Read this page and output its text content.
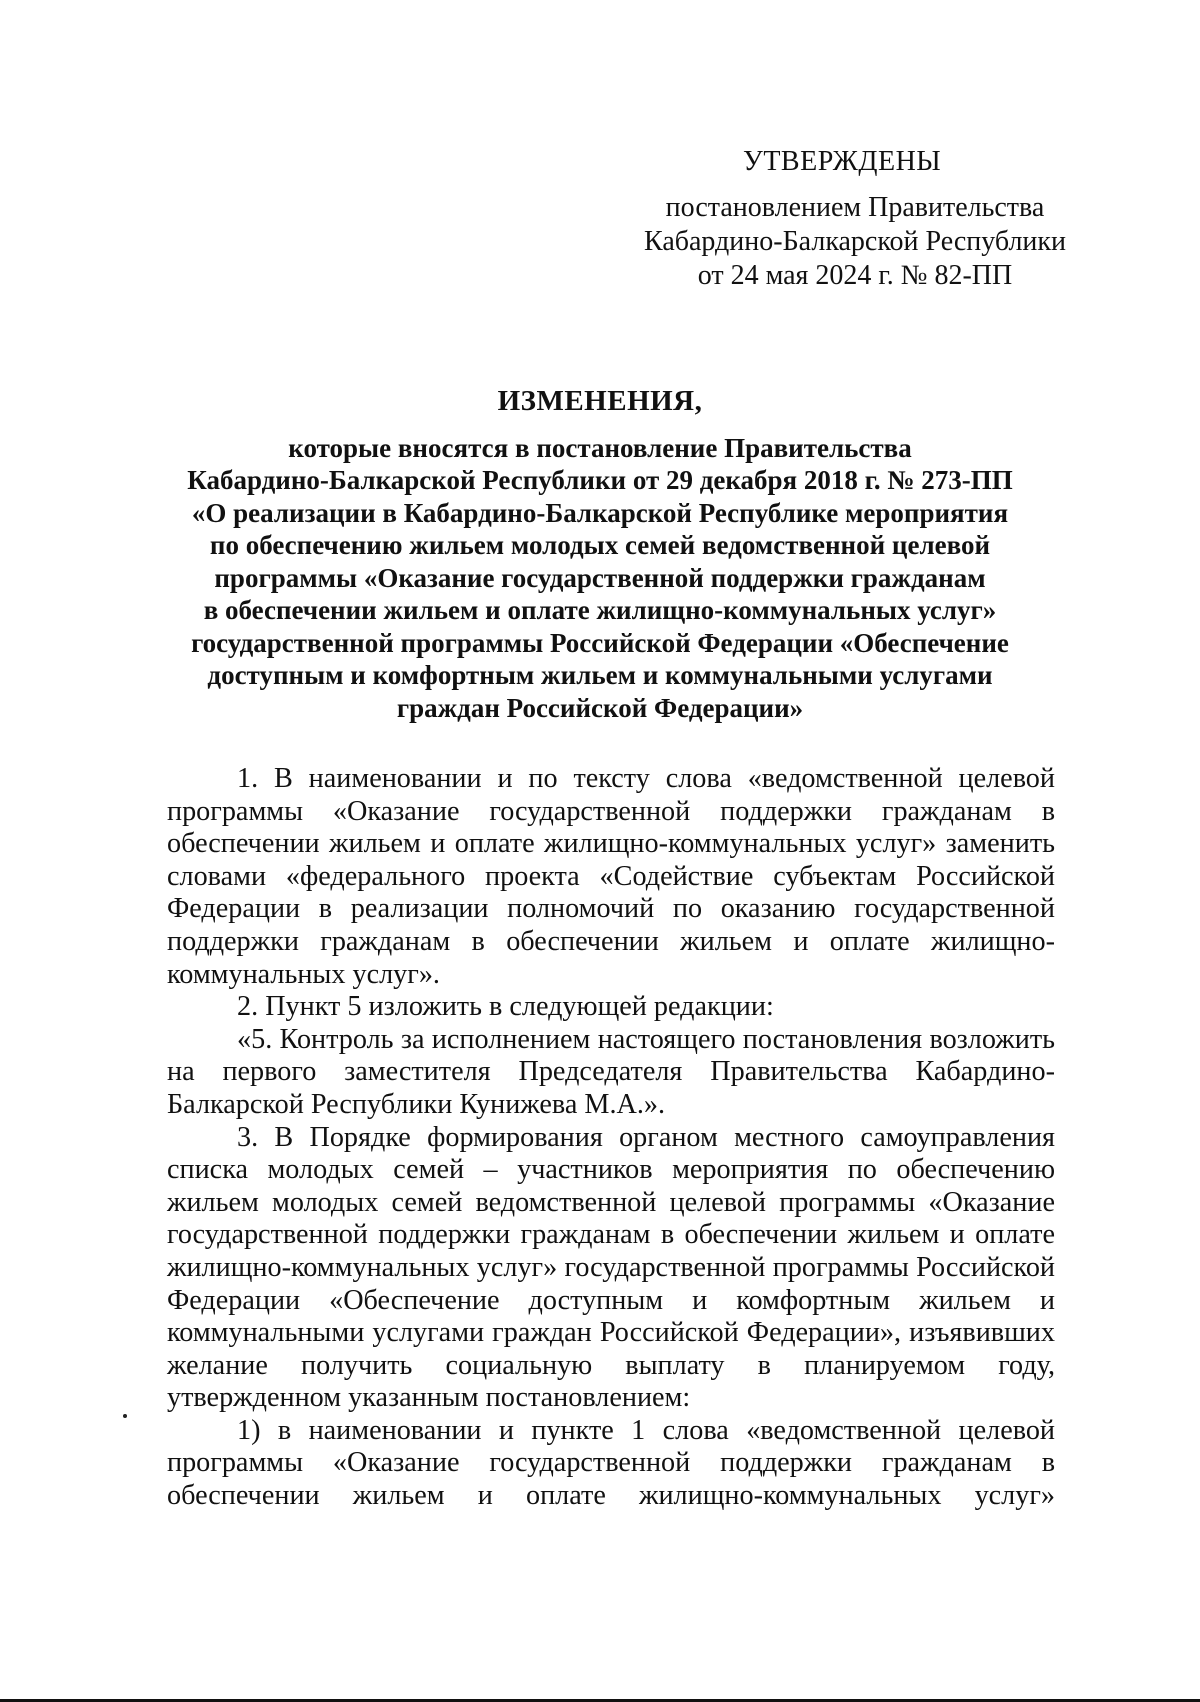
УТВЕРЖДЕНЫ
постановлением Правительства
Кабардино-Балкарской Республики
от 24 мая 2024 г. № 82-ПП
ИЗМЕНЕНИЯ,
которые вносятся в постановление Правительства
Кабардино-Балкарской Республики от 29 декабря 2018 г. № 273-ПП
«О реализации в Кабардино-Балкарской Республике мероприятия
по обеспечению жильем молодых семей ведомственной целевой
программы «Оказание государственной поддержки гражданам
в обеспечении жильем и оплате жилищно-коммунальных услуг»
государственной программы Российской Федерации «Обеспечение
доступным и комфортным жильем и коммунальными услугами
граждан Российской Федерации»

1. В наименовании и по тексту слова «ведомственной целевой программы «Оказание государственной поддержки гражданам в обеспечении жильем и оплате жилищно-коммунальных услуг» заменить словами «федерального проекта «Содействие субъектам Российской Федерации в реализации полномочий по оказанию государственной поддержки гражданам в обеспечении жильем и оплате жилищно-коммунальных услуг».

2. Пункт 5 изложить в следующей редакции:

«5. Контроль за исполнением настоящего постановления возложить на первого заместителя Председателя Правительства Кабардино-Балкарской Республики Кунижева М.А.».

3. В Порядке формирования органом местного самоуправления списка молодых семей – участников мероприятия по обеспечению жильем молодых семей ведомственной целевой программы «Оказание государственной поддержки гражданам в обеспечении жильем и оплате жилищно-коммунальных услуг» государственной программы Российской Федерации «Обеспечение доступным и комфортным жильем и коммунальными услугами граждан Российской Федерации», изъявивших желание получить социальную выплату в планируемом году, утвержденном указанным постановлением:

1) в наименовании и пункте 1 слова «ведомственной целевой программы «Оказание государственной поддержки гражданам в обеспечении жильем и оплате жилищно-коммунальных услуг»
